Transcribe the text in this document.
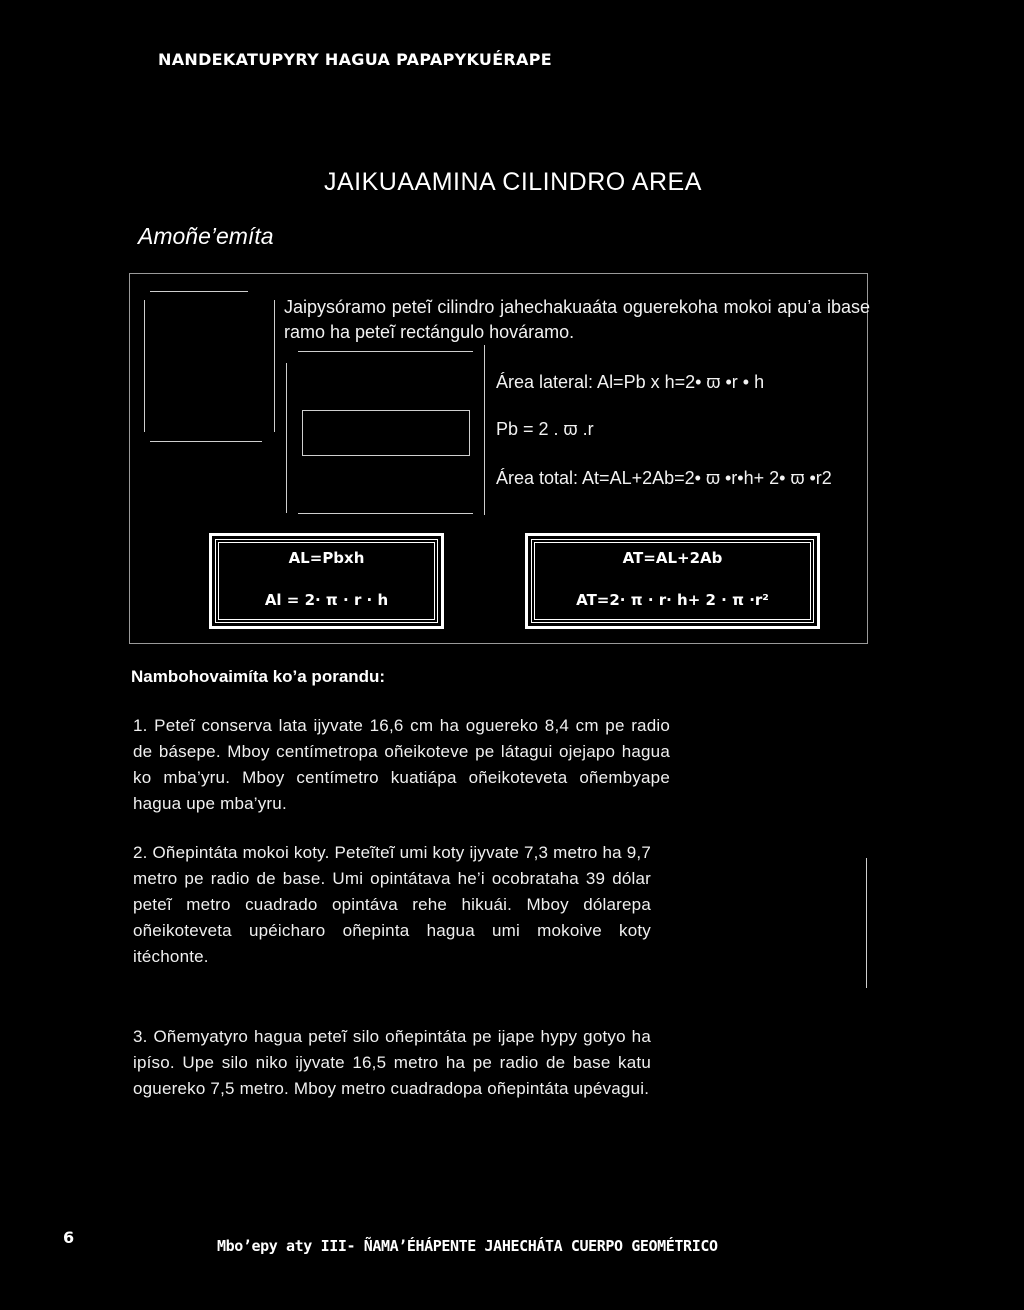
NANDEKATUPYRY HAGUA PAPAPYKUÉRAPE
JAIKUAAMINA CILINDRO AREA
Amoñe’emíta
Jaipysóramo peteĩ cilindro jahechakuaáta oguerekoha mokoi apu’a ibase ramo ha peteĩ rectángulo hováramo.
Área lateral: Al=Pb x h=2• ϖ •r • h
Pb = 2 . ϖ .r
Área total: At=AL+2Ab=2• ϖ •r•h+ 2• ϖ •r2
AL=Pbxh
Al = 2· π · r · h
AT=AL+2Ab
AT=2· π · r· h+ 2 · π ·r²
Nambohovaimíta ko’a porandu:
1. Peteĩ conserva lata ijyvate 16,6 cm ha oguereko 8,4 cm pe radio de básepe. Mboy centímetropa oñeikoteve pe látagui ojejapo hagua ko mba’yru. Mboy centímetro kuatiápa oñeikoteveta oñembyape hagua upe mba’yru.
2. Oñepintáta mokoi koty. Peteĩteĩ umi koty ijyvate 7,3 metro ha 9,7 metro pe radio de base. Umi opintátava he’i ocobrataha 39 dólar peteĩ metro cuadrado opintáva rehe hikuái. Mboy dólarepa oñeikoteveta upéicharo oñepinta hagua umi mokoive koty itéchonte.
3. Oñemyatyro hagua peteĩ silo oñepintáta pe ijape hypy gotyo ha ipíso. Upe silo niko ijyvate 16,5 metro ha pe radio de base katu oguereko 7,5 metro. Mboy metro cuadradopa oñepintáta upévagui.
6	Mbo’epy aty III- ÑAMA’ÉHÁPENTE JAHECHÁTA CUERPO GEOMÉTRICO
